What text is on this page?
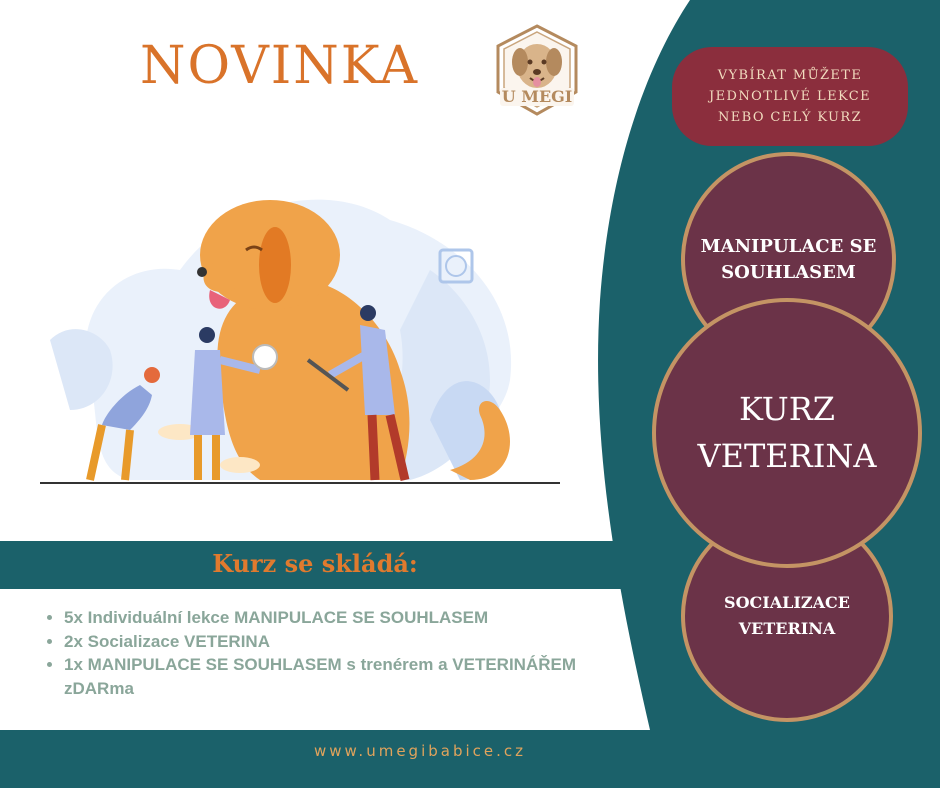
NOVINKA
U MEGI
VYBÍRAT MŮŽETE
JEDNOTLIVÉ LEKCE
NEBO CELÝ KURZ
MANIPULACE SE
SOUHLASEM
SOCIALIZACE
VETERINA
KURZ
VETERINA
Kurz se skládá:
• 5x Individuální lekce MANIPULACE SE SOUHLASEM
• 2x Socializace VETERINA
• 1x MANIPULACE SE SOUHLASEM s trenérem a VETERINÁŘEM zDARma
www.umegibabice.cz
